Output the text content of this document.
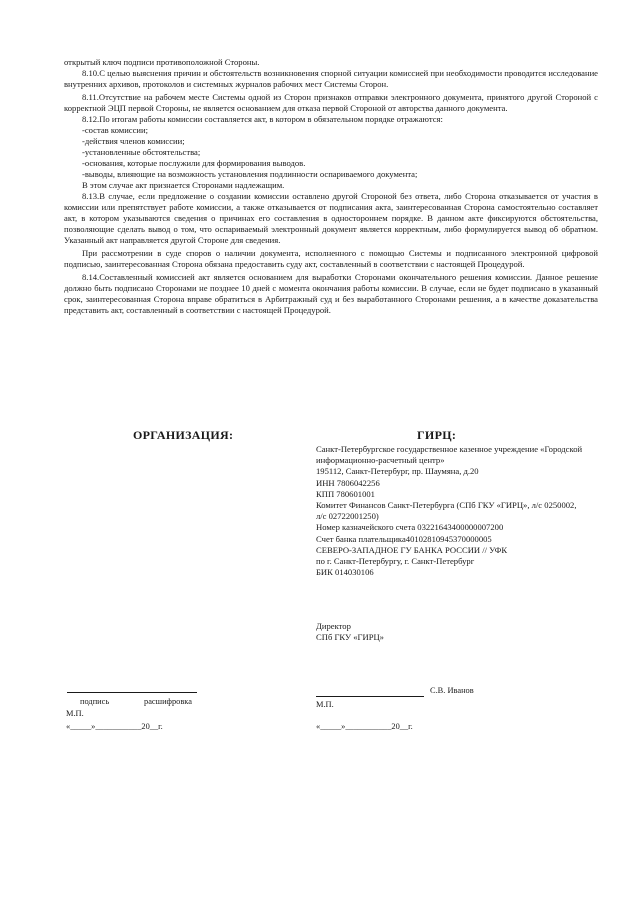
открытый ключ подписи противоположной Стороны.

8.10.С целью выяснения причин и обстоятельств возникновения спорной ситуации комиссией при необходимости проводится исследование внутренних архивов, протоколов и системных журналов рабочих мест Системы Сторон.

8.11.Отсутствие на рабочем месте Системы одной из Сторон признаков отправки электронного документа, принятого другой Стороной с корректной ЭЦП первой Стороны, не является основанием для отказа первой Стороной от авторства данного документа.

8.12.По итогам работы комиссии составляется акт, в котором в обязательном порядке отражаются:

-состав комиссии;

-действия членов комиссии;

-установленные обстоятельства;

-основания, которые послужили для формирования выводов.

-выводы, влияющие на возможность установления подлинности оспариваемого документа;

В этом случае акт признается Сторонами надлежащим.

8.13.В случае, если предложение о создании комиссии оставлено другой Стороной без ответа, либо Сторона отказывается от участия в комиссии или препятствует работе комиссии, а также отказывается от подписания акта, заинтересованная Сторона самостоятельно составляет акт, в котором указываются сведения о причинах его составления в одностороннем порядке. В данном акте фиксируются обстоятельства, позволяющие сделать вывод о том, что оспариваемый электронный документ является корректным, либо формулируется вывод об обратном. Указанный акт направляется другой Стороне для сведения.

При рассмотрении в суде споров о наличии документа, исполненного с помощью Системы и подписанного электронной цифровой подписью, заинтересованная Сторона обязана предоставить суду акт, составленный в соответствии с настоящей Процедурой.

8.14.Составленный комиссией акт является основанием для выработки Сторонами окончательного решения комиссии. Данное решение должно быть подписано Сторонами не позднее 10 дней с момента окончания работы комиссии. В случае, если не будет подписано в указанный срок, заинтересованная Сторона вправе обратиться в Арбитражный суд и без выработанного Сторонами решения, а в качестве доказательства представить акт, составленный в соответствии с настоящей Процедурой.

ОРГАНИЗАЦИЯ:	ГИРЦ:
Санкт-Петербургское государственное казенное учреждение «Городской информационно-расчетный центр»
195112, Санкт-Петербург, пр. Шаумяна, д.20
ИНН 7806042256
КПП 780601001
Комитет Финансов Санкт-Петербурга (СПб ГКУ «ГИРЦ», л/с 0250002,
л/с 02722001250)
Номер казначейского счета 03221643400000007200
Счет банка плательщика40102810945370000005
СЕВЕРО-ЗАПАДНОЕ ГУ БАНКА РОССИИ // УФК
по г. Санкт-Петербургу, г. Санкт-Петербург
БИК 014030106
Директор
СПб ГКУ «ГИРЦ»
подпись	расшифровка
М.П.
«_____»___________20__г.
С.В. Иванов
М.П.
«_____»___________20__г.
